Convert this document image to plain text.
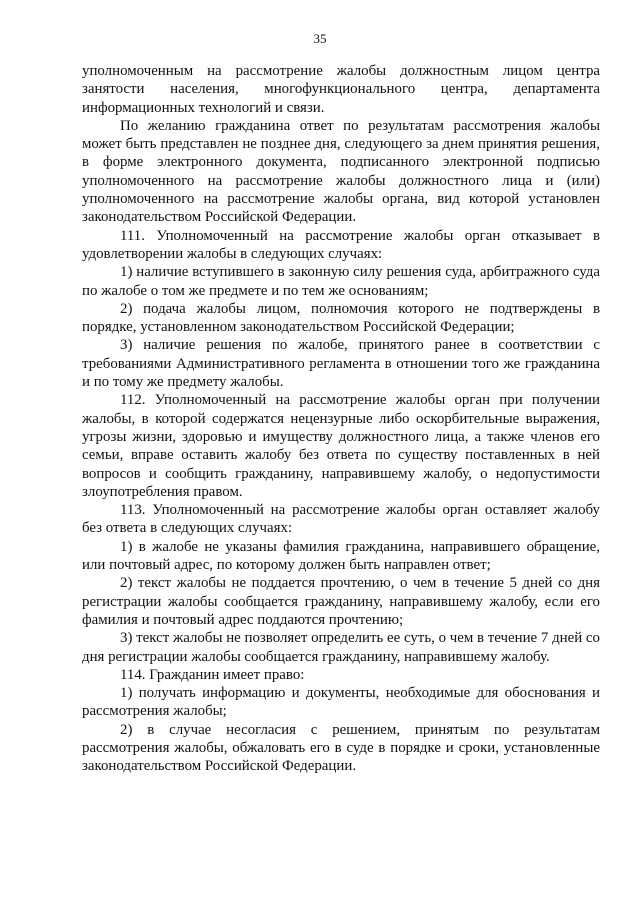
35

уполномоченным на рассмотрение жалобы должностным лицом центра занятости населения, многофункционального центра, департамента информационных технологий и связи.

По желанию гражданина ответ по результатам рассмотрения жалобы может быть представлен не позднее дня, следующего за днем принятия решения, в форме электронного документа, подписанного электронной подписью уполномоченного на рассмотрение жалобы должностного лица и (или) уполномоченного на рассмотрение жалобы органа, вид которой установлен законодательством Российской Федерации.

111. Уполномоченный на рассмотрение жалобы орган отказывает в удовлетворении жалобы в следующих случаях:

1) наличие вступившего в законную силу решения суда, арбитражного суда по жалобе о том же предмете и по тем же основаниям;

2) подача жалобы лицом, полномочия которого не подтверждены в порядке, установленном законодательством Российской Федерации;

3) наличие решения по жалобе, принятого ранее в соответствии с требованиями Административного регламента в отношении того же гражданина и по тому же предмету жалобы.

112. Уполномоченный на рассмотрение жалобы орган при получении жалобы, в которой содержатся нецензурные либо оскорбительные выражения, угрозы жизни, здоровью и имуществу должностного лица, а также членов его семьи, вправе оставить жалобу без ответа по существу поставленных в ней вопросов и сообщить гражданину, направившему жалобу, о недопустимости злоупотребления правом.

113. Уполномоченный на рассмотрение жалобы орган оставляет жалобу без ответа в следующих случаях:

1) в жалобе не указаны фамилия гражданина, направившего обращение, или почтовый адрес, по которому должен быть направлен ответ;

2) текст жалобы не поддается прочтению, о чем в течение 5 дней со дня регистрации жалобы сообщается гражданину, направившему жалобу, если его фамилия и почтовый адрес поддаются прочтению;

3) текст жалобы не позволяет определить ее суть, о чем в течение 7 дней со дня регистрации жалобы сообщается гражданину, направившему жалобу.

114. Гражданин имеет право:

1) получать информацию и документы, необходимые для обоснования и рассмотрения жалобы;

2) в случае несогласия с решением, принятым по результатам рассмотрения жалобы, обжаловать его в суде в порядке и сроки, установленные законодательством Российской Федерации.
